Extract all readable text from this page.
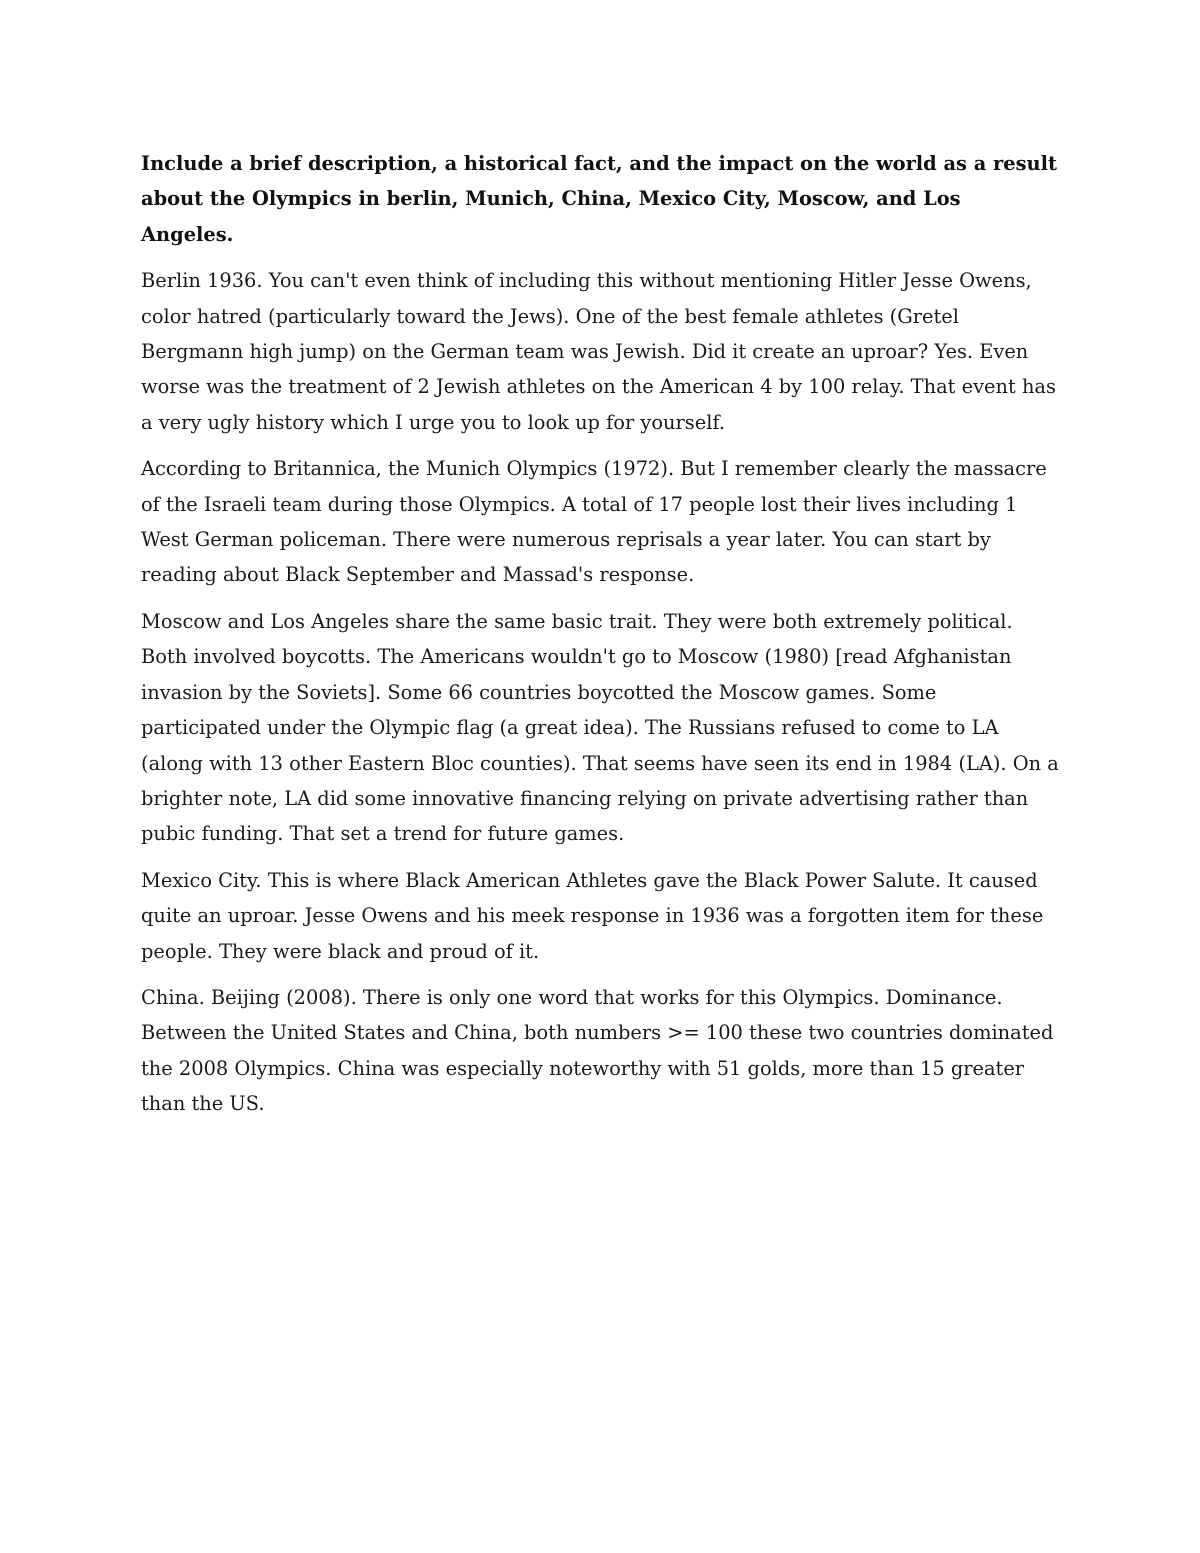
Include a brief description, a historical fact, and the impact on the world as a result about the Olympics in berlin, Munich, China, Mexico City, Moscow, and Los Angeles.

Berlin 1936. You can't even think of including this without mentioning Hitler Jesse Owens, color hatred (particularly toward the Jews). One of the best female athletes (Gretel Bergmann high jump) on the German team was Jewish. Did it create an uproar? Yes. Even worse was the treatment of 2 Jewish athletes on the American 4 by 100 relay. That event has a very ugly history which I urge you to look up for yourself.

According to Britannica, the Munich Olympics (1972). But I remember clearly the massacre of the Israeli team during those Olympics. A total of 17 people lost their lives including 1 West German policeman. There were numerous reprisals a year later. You can start by reading about Black September and Massad's response.

Moscow and Los Angeles share the same basic trait. They were both extremely political. Both involved boycotts. The Americans wouldn't go to Moscow (1980) [read Afghanistan invasion by the Soviets]. Some 66 countries boycotted the Moscow games. Some participated under the Olympic flag (a great idea). The Russians refused to come to LA (along with 13 other Eastern Bloc counties). That seems have seen its end in 1984 (LA). On a brighter note, LA did some innovative financing relying on private advertising rather than pubic funding. That set a trend for future games.

Mexico City. This is where Black American Athletes gave the Black Power Salute. It caused quite an uproar. Jesse Owens and his meek response in 1936 was a forgotten item for these people. They were black and proud of it.

China. Beijing (2008). There is only one word that works for this Olympics. Dominance. Between the United States and China, both numbers >= 100 these two countries dominated the 2008 Olympics. China was especially noteworthy with 51 golds, more than 15 greater than the US.
